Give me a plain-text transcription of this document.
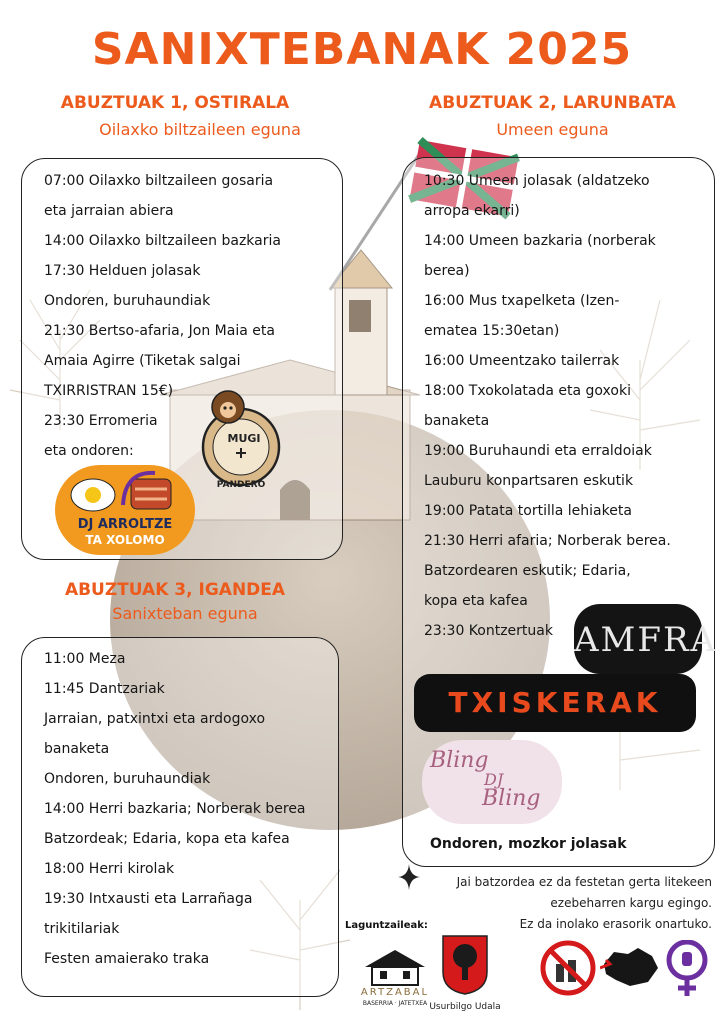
SANIXTEBANAK 2025
ABUZTUAK 1, OSTIRALA
Oilaxko biltzaileen eguna
07:00 Oilaxko biltzaileen gosaria
eta jarraian abiera
14:00 Oilaxko biltzaileen bazkaria
17:30 Helduen jolasak
Ondoren, buruhaundiak
21:30 Bertso-afaria, Jon Maia eta
Amaia Agirre (Tiketak salgai
TXIRRISTRAN 15€)
23:30 Erromeria
eta ondoren:
MUGI
PANDERO
DJ ARROLTZE
TA XOLOMO
ABUZTUAK 3, IGANDEA
Sanixteban eguna
11:00 Meza
11:45 Dantzariak
Jarraian, patxintxi eta ardogoxo
banaketa
Ondoren, buruhaundiak
14:00 Herri bazkaria; Norberak berea
Batzordeak; Edaria, kopa eta kafea
18:00 Herri kirolak
19:30 Intxausti eta Larrañaga
trikitilariak
Festen amaierako traka
ABUZTUAK 2, LARUNBATA
Umeen eguna
10:30 Umeen jolasak (aldatzeko
arropa ekarri)
14:00 Umeen bazkaria (norberak
berea)
16:00 Mus txapelketa (Izen-
ematea 15:30etan)
16:00 Umeentzako tailerrak
18:00 Txokolatada eta goxoki
banaketa
19:00 Buruhaundi eta erraldoiak
Lauburu konpartsaren eskutik
19:00 Patata tortilla lehiaketa
21:30 Herri afaria; Norberak berea.
Batzordearen eskutik; Edaria,
kopa eta kafea
23:30 Kontzertuak AMFRA
TXISKERAK
Bling
DJ
Bling
Ondoren, mozkor jolasak
Jai batzordea ez da festetan gerta litekeen
ezebeharren kargu egingo.
Ez da inolako erasorik onartuko.
Laguntzaileak:
ARTZABAL
BASERRIA · JATETXEA Usurbilgo Udala
